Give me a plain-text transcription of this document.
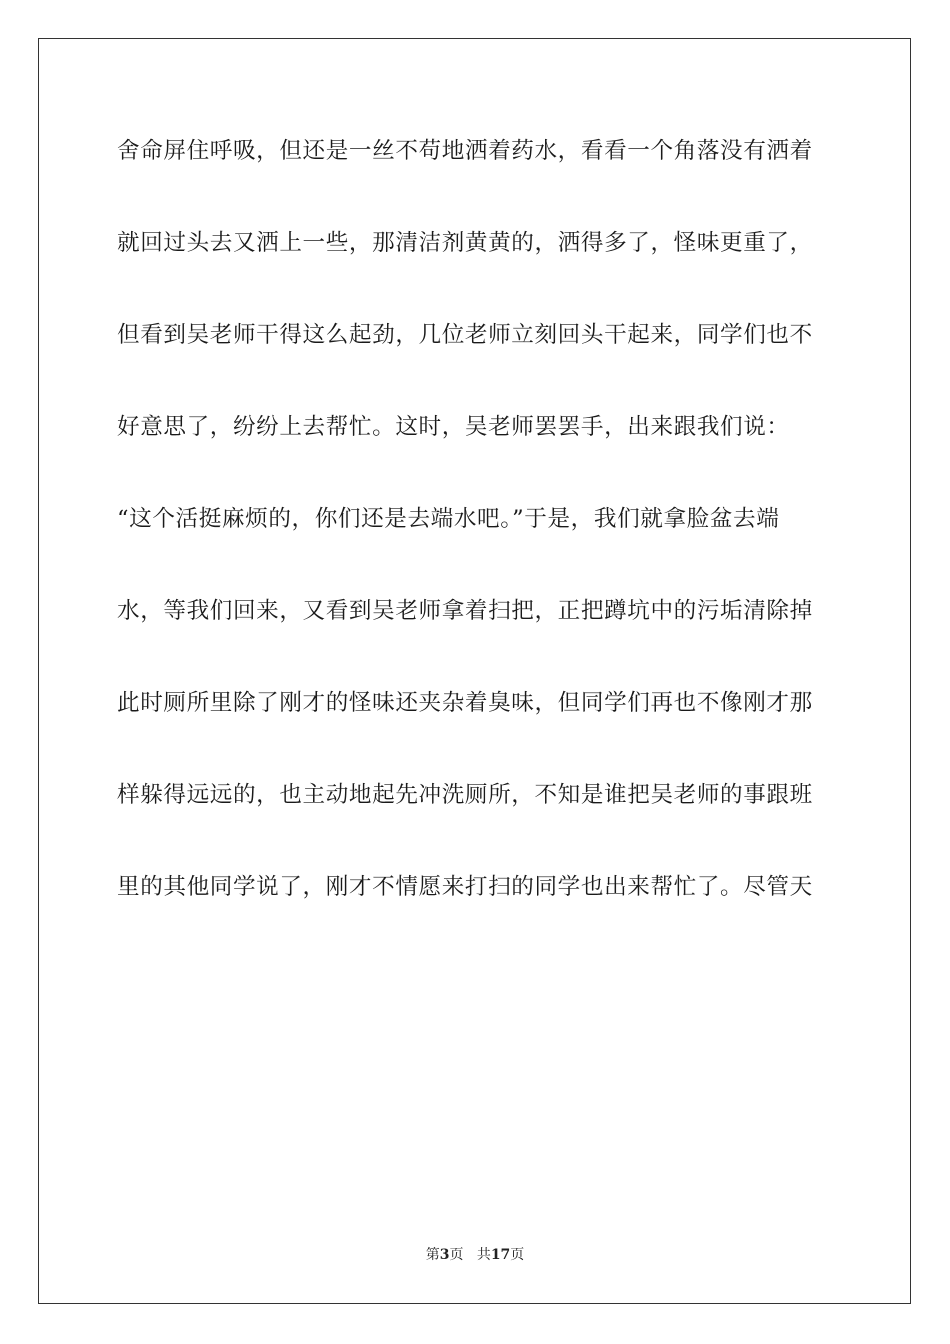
舍命屏住呼吸，但还是一丝不苟地洒着药水，看看一个角落没有洒着
就回过头去又洒上一些，那清洁剂黄黄的，洒得多了，怪味更重了，
但看到吴老师干得这么起劲，几位老师立刻回头干起来，同学们也不
好意思了，纷纷上去帮忙。这时，吴老师罢罢手，出来跟我们说：
“这个活挺麻烦的，你们还是去端水吧。”于是，我们就拿脸盆去端
水，等我们回来，又看到吴老师拿着扫把，正把蹲坑中的污垢清除掉
此时厕所里除了刚才的怪味还夹杂着臭味，但同学们再也不像刚才那
样躲得远远的，也主动地起先冲洗厕所，不知是谁把吴老师的事跟班
里的其他同学说了，刚才不情愿来打扫的同学也出来帮忙了。尽管天
第3页 共17页
